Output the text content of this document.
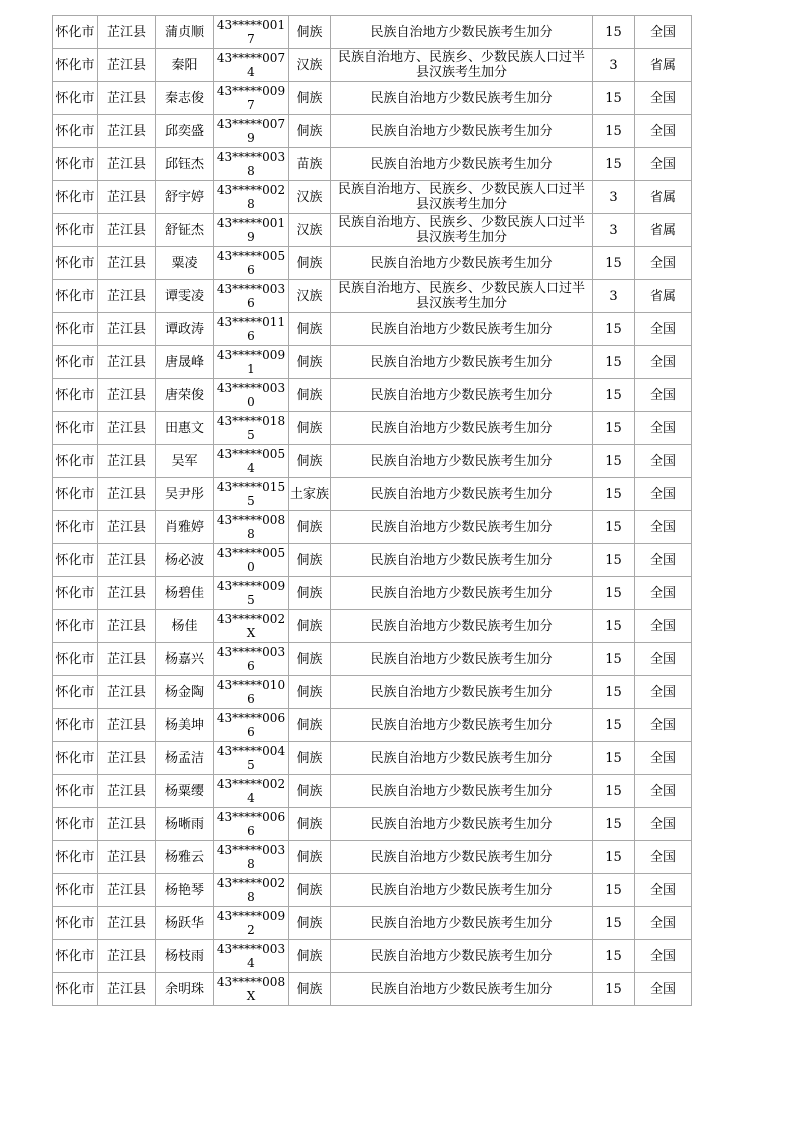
怀化市	芷江县	蒲贞顺	43*****0017	侗族	民族自治地方少数民族考生加分	15	全国
怀化市	芷江县	秦阳	43*****0074	汉族	民族自治地方、民族乡、少数民族人口过半县汉族考生加分	3	省属
怀化市	芷江县	秦志俊	43*****0097	侗族	民族自治地方少数民族考生加分	15	全国
怀化市	芷江县	邱奕盛	43*****0079	侗族	民族自治地方少数民族考生加分	15	全国
怀化市	芷江县	邱钰杰	43*****0038	苗族	民族自治地方少数民族考生加分	15	全国
怀化市	芷江县	舒宇婷	43*****0028	汉族	民族自治地方、民族乡、少数民族人口过半县汉族考生加分	3	省属
怀化市	芷江县	舒钲杰	43*****0019	汉族	民族自治地方、民族乡、少数民族人口过半县汉族考生加分	3	省属
怀化市	芷江县	粟凌	43*****0056	侗族	民族自治地方少数民族考生加分	15	全国
怀化市	芷江县	谭雯凌	43*****0036	汉族	民族自治地方、民族乡、少数民族人口过半县汉族考生加分	3	省属
怀化市	芷江县	谭政涛	43*****0116	侗族	民族自治地方少数民族考生加分	15	全国
怀化市	芷江县	唐晟峰	43*****0091	侗族	民族自治地方少数民族考生加分	15	全国
怀化市	芷江县	唐荣俊	43*****0030	侗族	民族自治地方少数民族考生加分	15	全国
怀化市	芷江县	田惠文	43*****0185	侗族	民族自治地方少数民族考生加分	15	全国
怀化市	芷江县	吴军	43*****0054	侗族	民族自治地方少数民族考生加分	15	全国
怀化市	芷江县	吴尹彤	43*****0155	土家族	民族自治地方少数民族考生加分	15	全国
怀化市	芷江县	肖雅婷	43*****0088	侗族	民族自治地方少数民族考生加分	15	全国
怀化市	芷江县	杨必波	43*****0050	侗族	民族自治地方少数民族考生加分	15	全国
怀化市	芷江县	杨碧佳	43*****0095	侗族	民族自治地方少数民族考生加分	15	全国
怀化市	芷江县	杨佳	43*****002X	侗族	民族自治地方少数民族考生加分	15	全国
怀化市	芷江县	杨嘉兴	43*****0036	侗族	民族自治地方少数民族考生加分	15	全国
怀化市	芷江县	杨金陶	43*****0106	侗族	民族自治地方少数民族考生加分	15	全国
怀化市	芷江县	杨美坤	43*****0066	侗族	民族自治地方少数民族考生加分	15	全国
怀化市	芷江县	杨孟洁	43*****0045	侗族	民族自治地方少数民族考生加分	15	全国
怀化市	芷江县	杨粟缨	43*****0024	侗族	民族自治地方少数民族考生加分	15	全国
怀化市	芷江县	杨晰雨	43*****0066	侗族	民族自治地方少数民族考生加分	15	全国
怀化市	芷江县	杨雅云	43*****0038	侗族	民族自治地方少数民族考生加分	15	全国
怀化市	芷江县	杨艳琴	43*****0028	侗族	民族自治地方少数民族考生加分	15	全国
怀化市	芷江县	杨跃华	43*****0092	侗族	民族自治地方少数民族考生加分	15	全国
怀化市	芷江县	杨枝雨	43*****0034	侗族	民族自治地方少数民族考生加分	15	全国
怀化市	芷江县	余明珠	43*****008X	侗族	民族自治地方少数民族考生加分	15	全国
